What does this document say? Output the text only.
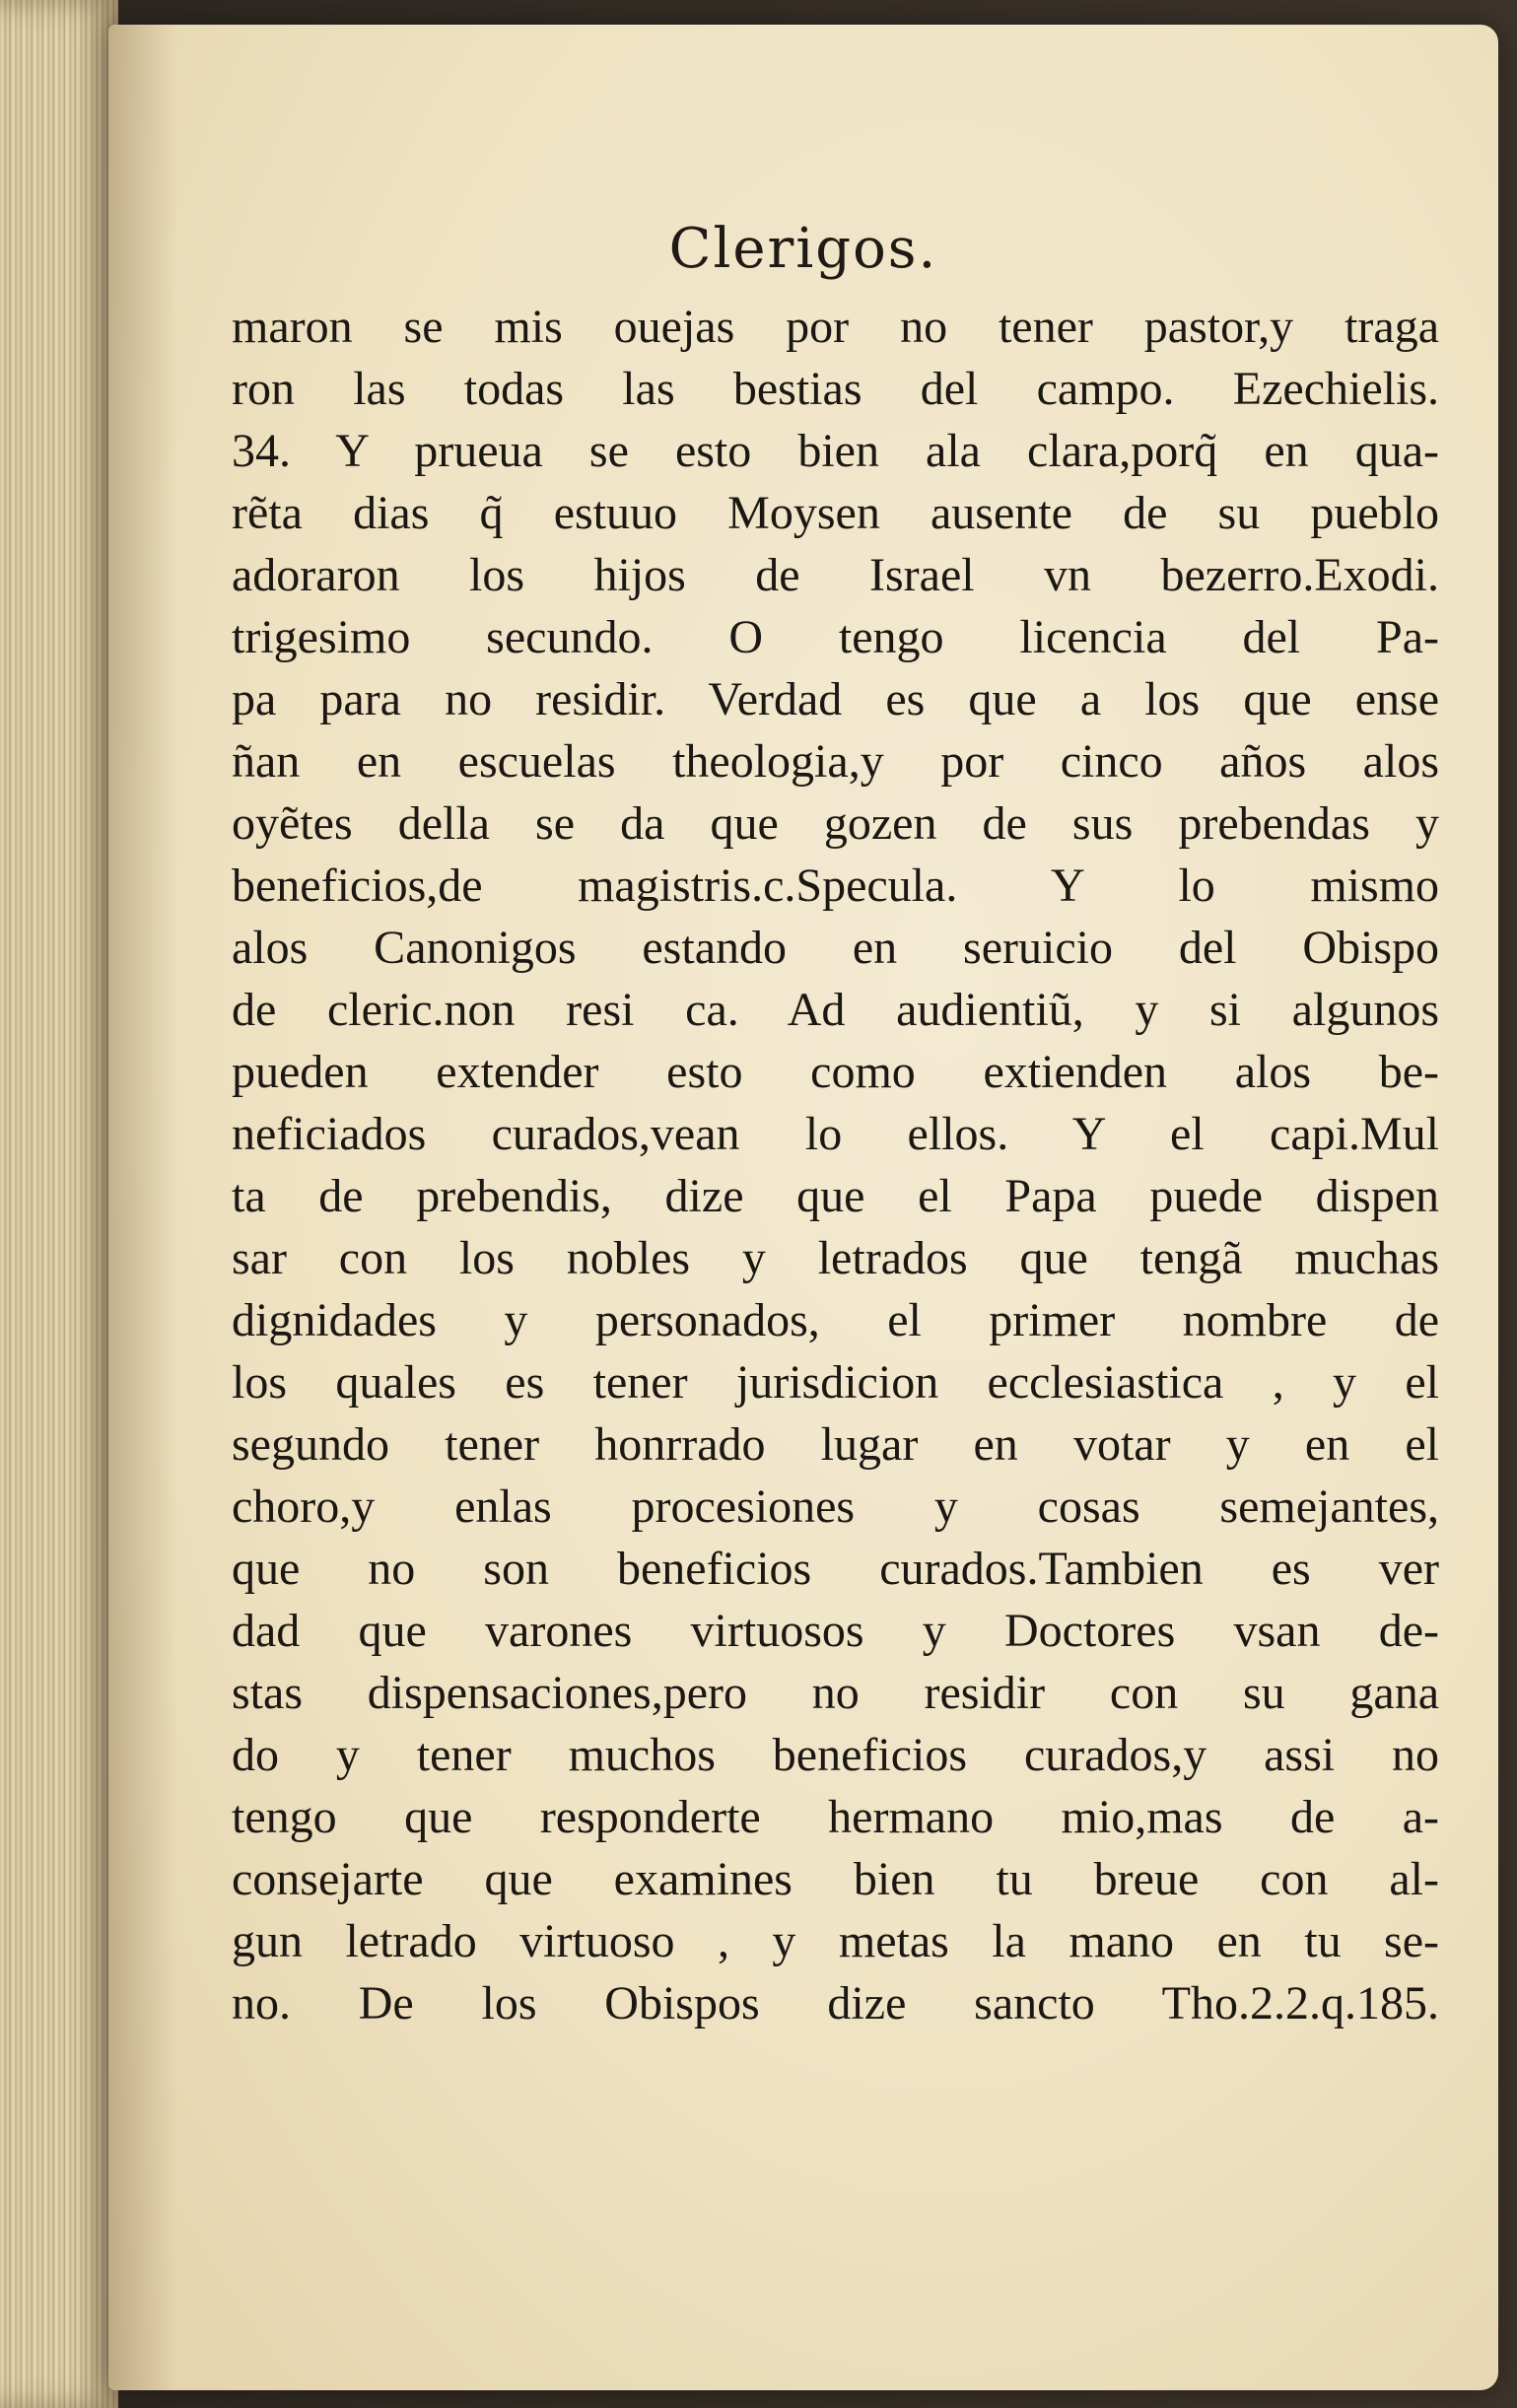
Clerigos.
maron se mis ouejas por no tener pastor,y traga
ron las todas las bestias del campo. Ezechielis.
34. Y prueua se esto bien ala clara,porq̃ en qua-
rẽta dias q̃ estuuo Moysen ausente de su pueblo
adoraron los hijos de Israel vn bezerro.Exodi.
trigesimo secundo. O tengo licencia del Pa-
pa para no residir. Verdad es que a los que ense
ñan en escuelas theologia,y por cinco años alos
oyẽtes della se da que gozen de sus prebendas y
beneficios,de magistris.c.Specula. Y lo mismo
alos Canonigos estando en seruicio del Obispo
de cleric.non resi ca. Ad audientiũ, y si algunos
pueden extender esto como extienden alos be-
neficiados curados,vean lo ellos. Y el capi.Mul
ta de prebendis, dize que el Papa puede dispen
sar con los nobles y letrados que tengã muchas
dignidades y personados, el primer nombre de
los quales es tener jurisdicion ecclesiastica , y el
segundo tener honrrado lugar en votar y en el
choro,y enlas procesiones y cosas semejantes,
que no son beneficios curados.Tambien es ver
dad que varones virtuosos y Doctores vsan de-
stas dispensaciones,pero no residir con su gana
do y tener muchos beneficios curados,y assi no
tengo que responderte hermano mio,mas de a-
consejarte que examines bien tu breue con al-
gun letrado virtuoso , y metas la mano en tu se-
no. De los Obispos dize sancto Tho.2.2.q.185.
